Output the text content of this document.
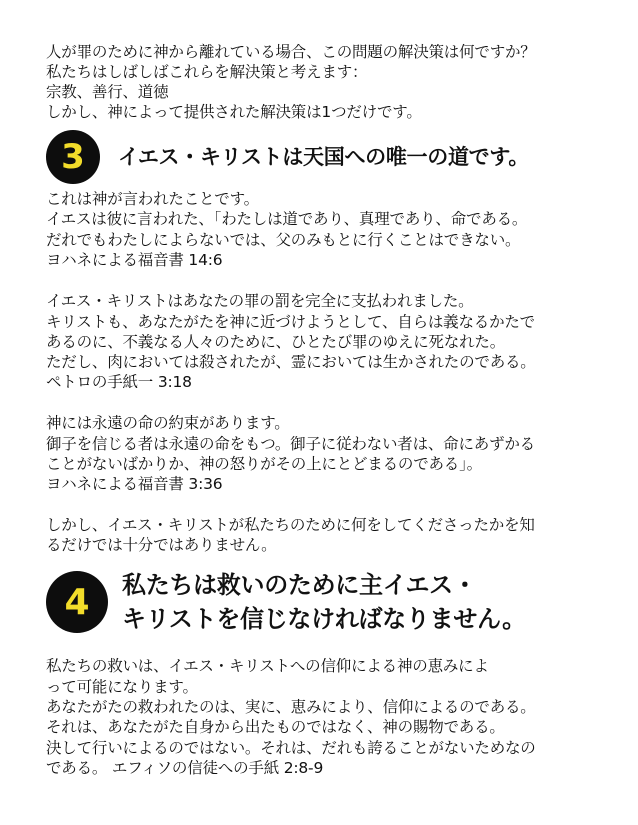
人が罪のために神から離れている場合、この問題の解決策は何ですか？

私たちはしばしばこれらを解決策と考えます：

宗教、善行、道徳

しかし、神によって提供された解決策は1つだけです。

3	イエス・キリストは天国への唯一の道です。

これは神が言われたことです。

イエスは彼に言われた、「わたしは道であり、真理であり、命である。

だれでもわたしによらないでは、父のみもとに行くことはできない。

ヨハネによる福音書 14:6

イエス・キリストはあなたの罪の罰を完全に支払われました。

キリストも、あなたがたを神に近づけようとして、自らは義なるかたで

あるのに、不義なる人々のために、ひとたび罪のゆえに死なれた。

ただし、肉においては殺されたが、霊においては生かされたのである。

ペトロの手紙一 3:18

神には永遠の命の約束があります。

御子を信じる者は永遠の命をもつ。御子に従わない者は、命にあずかる

ことがないばかりか、神の怒りがその上にとどまるのである」。

ヨハネによる福音書 3:36

しかし、イエス・キリストが私たちのために何をしてくださったかを知

るだけでは十分ではありません。

4	私たちは救いのために主イエス・
キリストを信じなければなりません。

私たちの救いは、イエス・キリストへの信仰による神の恵みによ

って可能になります。

あなたがたの救われたのは、実に、恵みにより、信仰によるのである。

それは、あなたがた自身から出たものではなく、神の賜物である。

決して行いによるのではない。それは、だれも誇ることがないためなの

である。 エフィソの信徒への手紙 2:8-9
